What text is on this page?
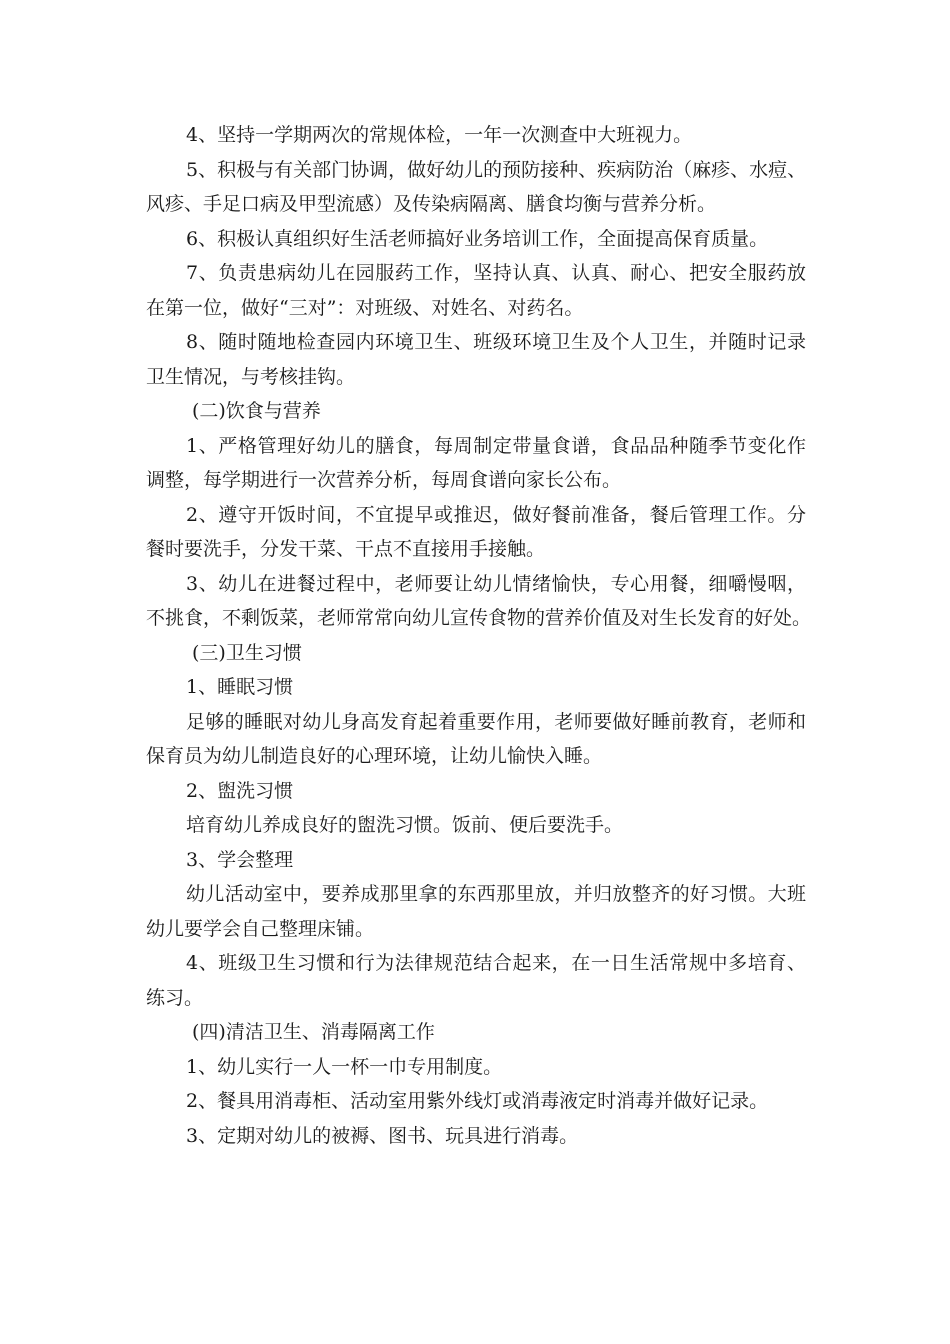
4、坚持一学期两次的常规体检，一年一次测查中大班视力。

5、积极与有关部门协调，做好幼儿的预防接种、疾病防治（麻疹、水痘、

风疹、手足口病及甲型流感）及传染病隔离、膳食均衡与营养分析。

6、积极认真组织好生活老师搞好业务培训工作，全面提高保育质量。

7、负责患病幼儿在园服药工作，坚持认真、认真、耐心、把安全服药放

在第一位，做好“三对”：对班级、对姓名、对药名。

8、随时随地检查园内环境卫生、班级环境卫生及个人卫生，并随时记录

卫生情况，与考核挂钩。

(二)饮食与营养

1、严格管理好幼儿的膳食，每周制定带量食谱，食品品种随季节变化作

调整，每学期进行一次营养分析，每周食谱向家长公布。

2、遵守开饭时间，不宜提早或推迟，做好餐前准备，餐后管理工作。分

餐时要洗手，分发干菜、干点不直接用手接触。

3、幼儿在进餐过程中，老师要让幼儿情绪愉快，专心用餐，细嚼慢咽，

不挑食，不剩饭菜，老师常常向幼儿宣传食物的营养价值及对生长发育的好处。

(三)卫生习惯

1、睡眠习惯

足够的睡眠对幼儿身高发育起着重要作用，老师要做好睡前教育，老师和

保育员为幼儿制造良好的心理环境，让幼儿愉快入睡。

2、盥洗习惯

培育幼儿养成良好的盥洗习惯。饭前、便后要洗手。

3、学会整理

幼儿活动室中，要养成那里拿的东西那里放，并归放整齐的好习惯。大班

幼儿要学会自己整理床铺。

4、班级卫生习惯和行为法律规范结合起来，在一日生活常规中多培育、

练习。

(四)清洁卫生、消毒隔离工作

1、幼儿实行一人一杯一巾专用制度。

2、餐具用消毒柜、活动室用紫外线灯或消毒液定时消毒并做好记录。

3、定期对幼儿的被褥、图书、玩具进行消毒。
